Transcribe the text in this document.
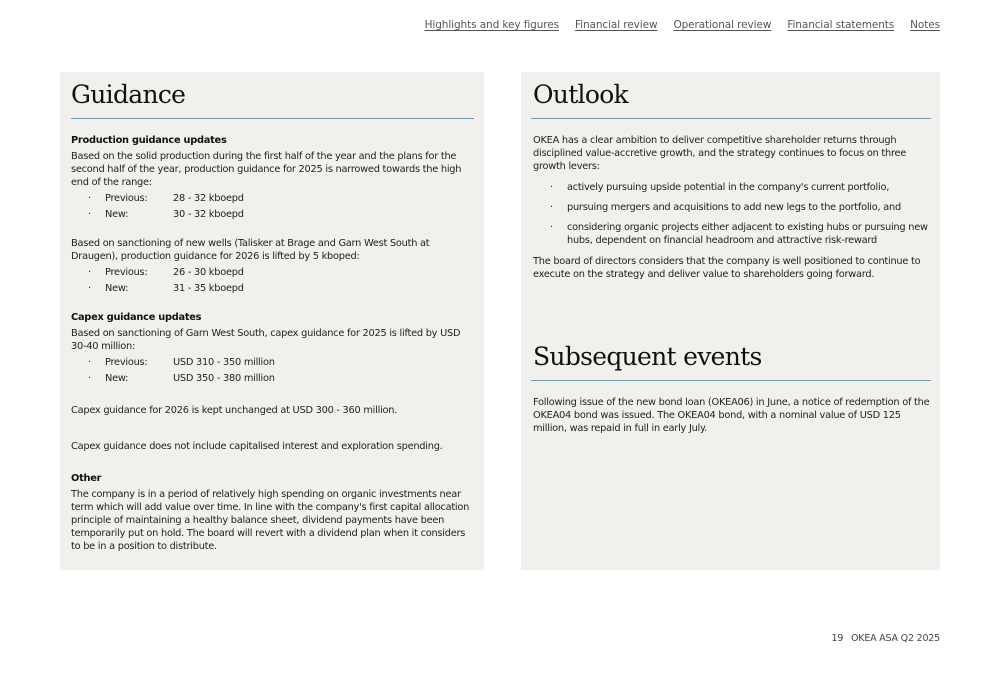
Highlights and key figures Financial review Operational review Financial statements Notes
Guidance
Production guidance updates

Based on the solid production during the first half of the year and the plans for the second half of the year, production guidance for 2025 is narrowed towards the high end of the range:

·	Previous:	28 - 32 kboepd
·	New:	30 - 32 kboepd

Based on sanctioning of new wells (Talisker at Brage and Garn West South at Draugen), production guidance for 2026 is lifted by 5 kboped:

·	Previous:	26 - 30 kboepd
·	New:	31 - 35 kboepd
Capex guidance updates

Based on sanctioning of Garn West South, capex guidance for 2025 is lifted by USD 30-40 million:

·	Previous:	USD 310 - 350 million
·	New:	USD 350 - 380 million

Capex guidance for 2026 is kept unchanged at USD 300 - 360 million.

Capex guidance does not include capitalised interest and exploration spending.

Other

The company is in a period of relatively high spending on organic investments near term which will add value over time. In line with the company's first capital allocation principle of maintaining a healthy balance sheet, dividend payments have been temporarily put on hold. The board will revert with a dividend plan when it considers to be in a position to distribute.

Outlook

OKEA has a clear ambition to deliver competitive shareholder returns through disciplined value-accretive growth, and the strategy continues to focus on three growth levers:

·	actively pursuing upside potential in the company's current portfolio,
·	pursuing mergers and acquisitions to add new legs to the portfolio, and
·	considering organic projects either adjacent to existing hubs or pursuing new hubs, dependent on financial headroom and attractive risk-reward

The board of directors considers that the company is well positioned to continue to execute on the strategy and deliver value to shareholders going forward.

Subsequent events

Following issue of the new bond loan (OKEA06) in June, a notice of redemption of the OKEA04 bond was issued. The OKEA04 bond, with a nominal value of USD 125 million, was repaid in full in early July.

19 OKEA ASA Q2 2025
